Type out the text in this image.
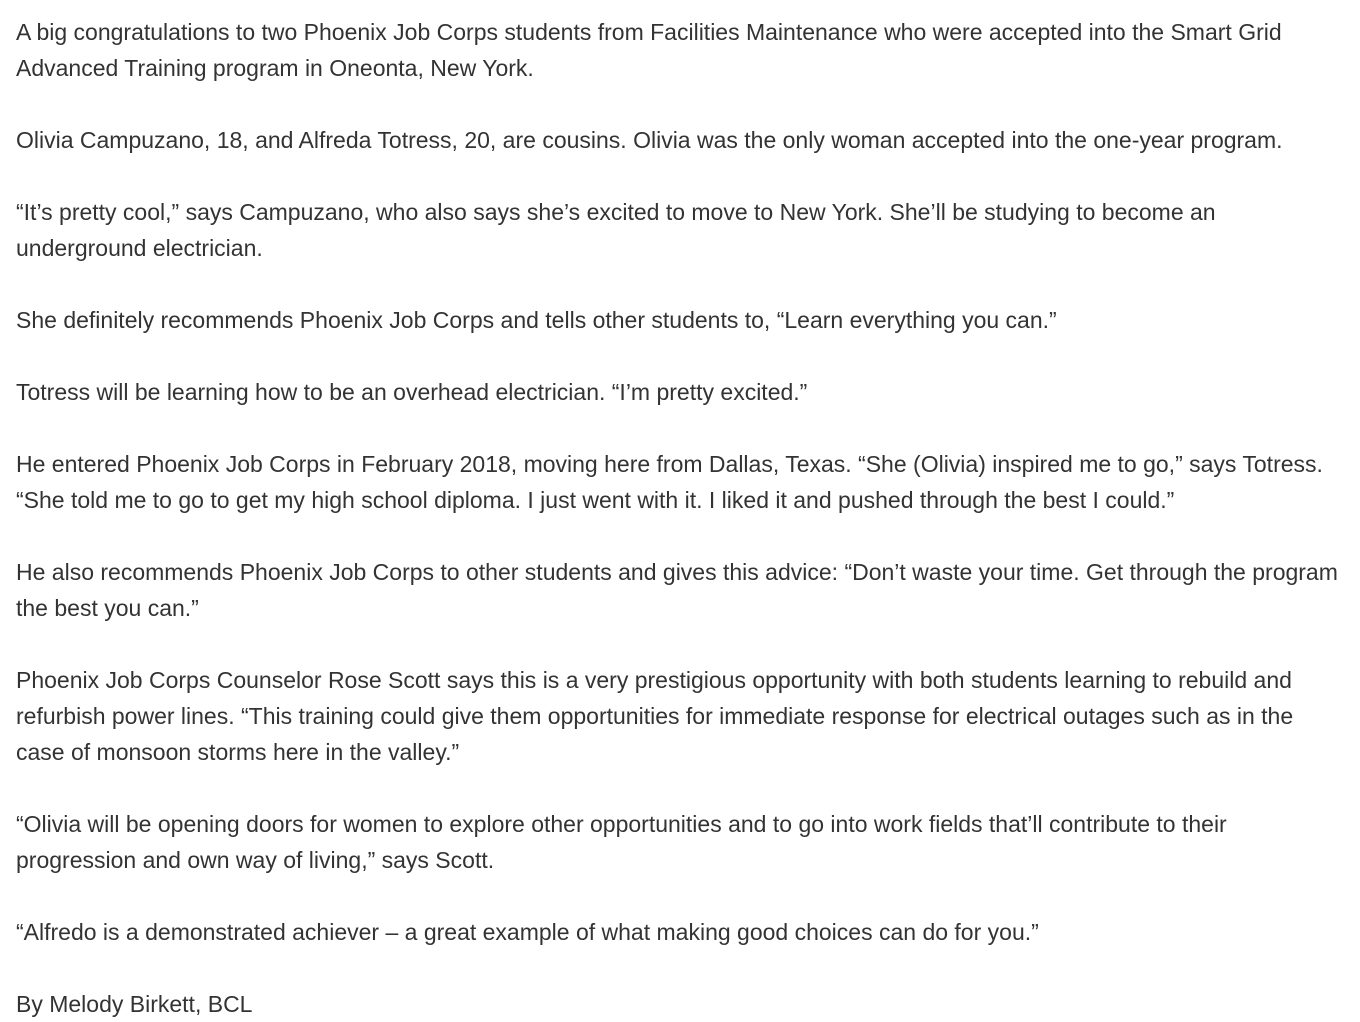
A big congratulations to two Phoenix Job Corps students from Facilities Maintenance who were accepted into the Smart Grid Advanced Training program in Oneonta, New York.

Olivia Campuzano, 18, and Alfreda Totress, 20, are cousins. Olivia was the only woman accepted into the one-year program.

“It’s pretty cool,” says Campuzano, who also says she’s excited to move to New York. She’ll be studying to become an underground electrician.

She definitely recommends Phoenix Job Corps and tells other students to, “Learn everything you can.”

Totress will be learning how to be an overhead electrician. “I’m pretty excited.”

He entered Phoenix Job Corps in February 2018, moving here from Dallas, Texas. “She (Olivia) inspired me to go,” says Totress. “She told me to go to get my high school diploma. I just went with it. I liked it and pushed through the best I could.”

He also recommends Phoenix Job Corps to other students and gives this advice: “Don’t waste your time. Get through the program the best you can.”

Phoenix Job Corps Counselor Rose Scott says this is a very prestigious opportunity with both students learning to rebuild and refurbish power lines. “This training could give them opportunities for immediate response for electrical outages such as in the case of monsoon storms here in the valley.”

“Olivia will be opening doors for women to explore other opportunities and to go into work fields that’ll contribute to their progression and own way of living,” says Scott.

“Alfredo is a demonstrated achiever – a great example of what making good choices can do for you.”

By Melody Birkett, BCL
